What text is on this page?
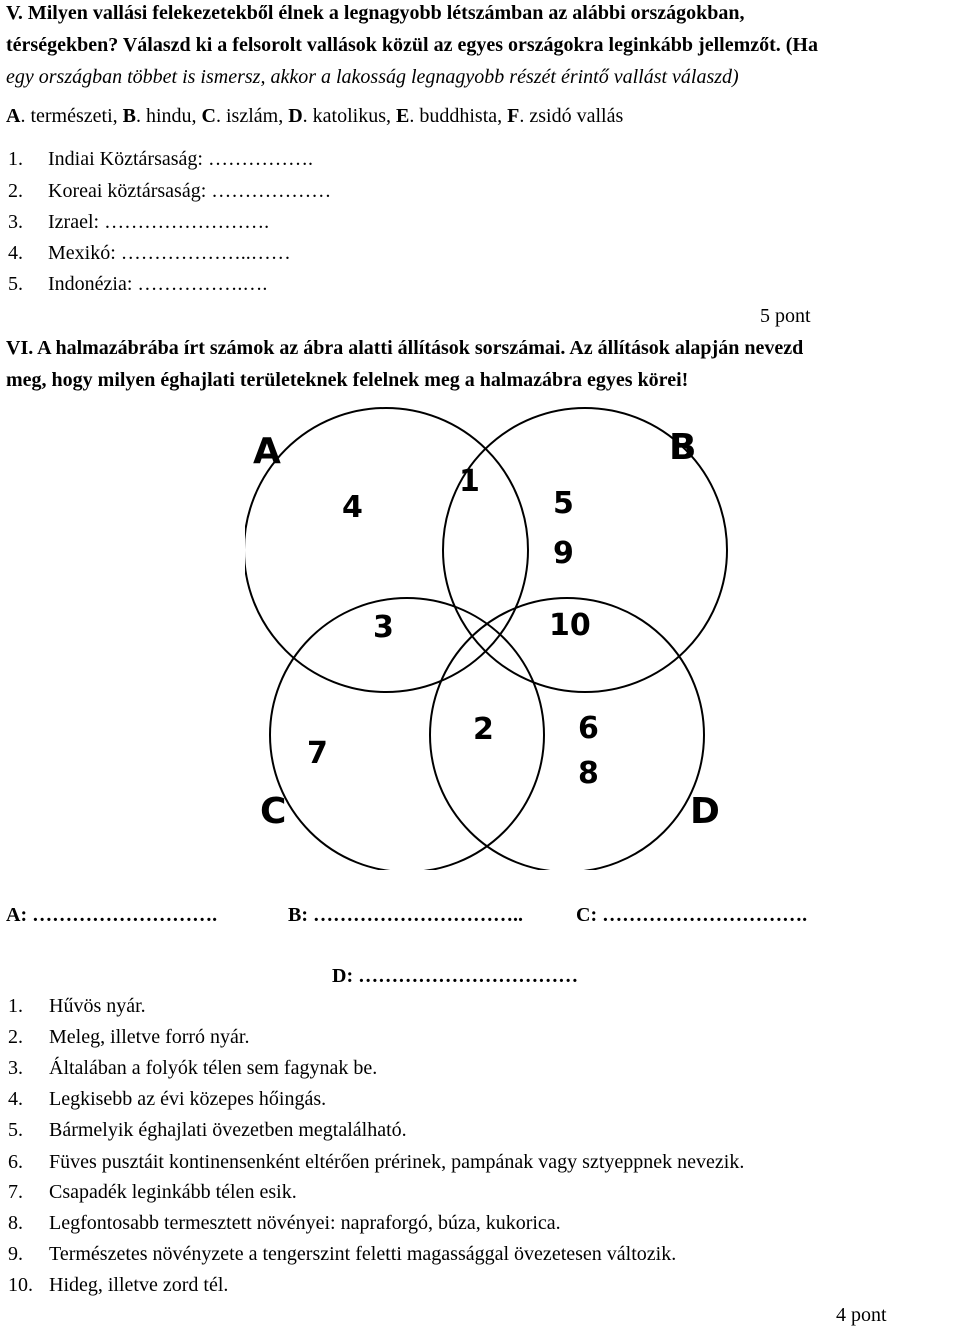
V. Milyen vallási felekezetekből élnek a legnagyobb létszámban az alábbi országokban,
térségekben? Válaszd ki a felsorolt vallások közül az egyes országokra leginkább jellemzőt. (Ha
egy országban többet is ismersz, akkor a lakosság legnagyobb részét érintő vallást válaszd)
A. természeti, B. hindu, C. iszlám, D. katolikus, E. buddhista, F. zsidó vallás
1. Indiai Köztársaság: …………….
2. Koreai köztársaság: ………………
3. Izrael: …………………….
4. Mexikó: ………………..……
5. Indonézia: …………….….
5 pont
VI. A halmazábrába írt számok az ábra alatti állítások sorszámai. Az állítások alapján nevezd
meg, hogy milyen éghajlati területeknek felelnek meg a halmazábra egyes körei!
A	B
C	D
1
4	5
9
3	10
2	6
8
7
A: ……………………….	B: …………………………..	C: ………………………….
D: ……………………………
1. Hűvös nyár.
2. Meleg, illetve forró nyár.
3. Általában a folyók télen sem fagynak be.
4. Legkisebb az évi közepes hőingás.
5. Bármelyik éghajlati övezetben megtalálható.
6. Füves pusztáit kontinensenként eltérően prérinek, pampának vagy sztyeppnek nevezik.
7. Csapadék leginkább télen esik.
8. Legfontosabb termesztett növényei: napraforgó, búza, kukorica.
9. Természetes növényzete a tengerszint feletti magassággal övezetesen változik.
10. Hideg, illetve zord tél.
4 pont
